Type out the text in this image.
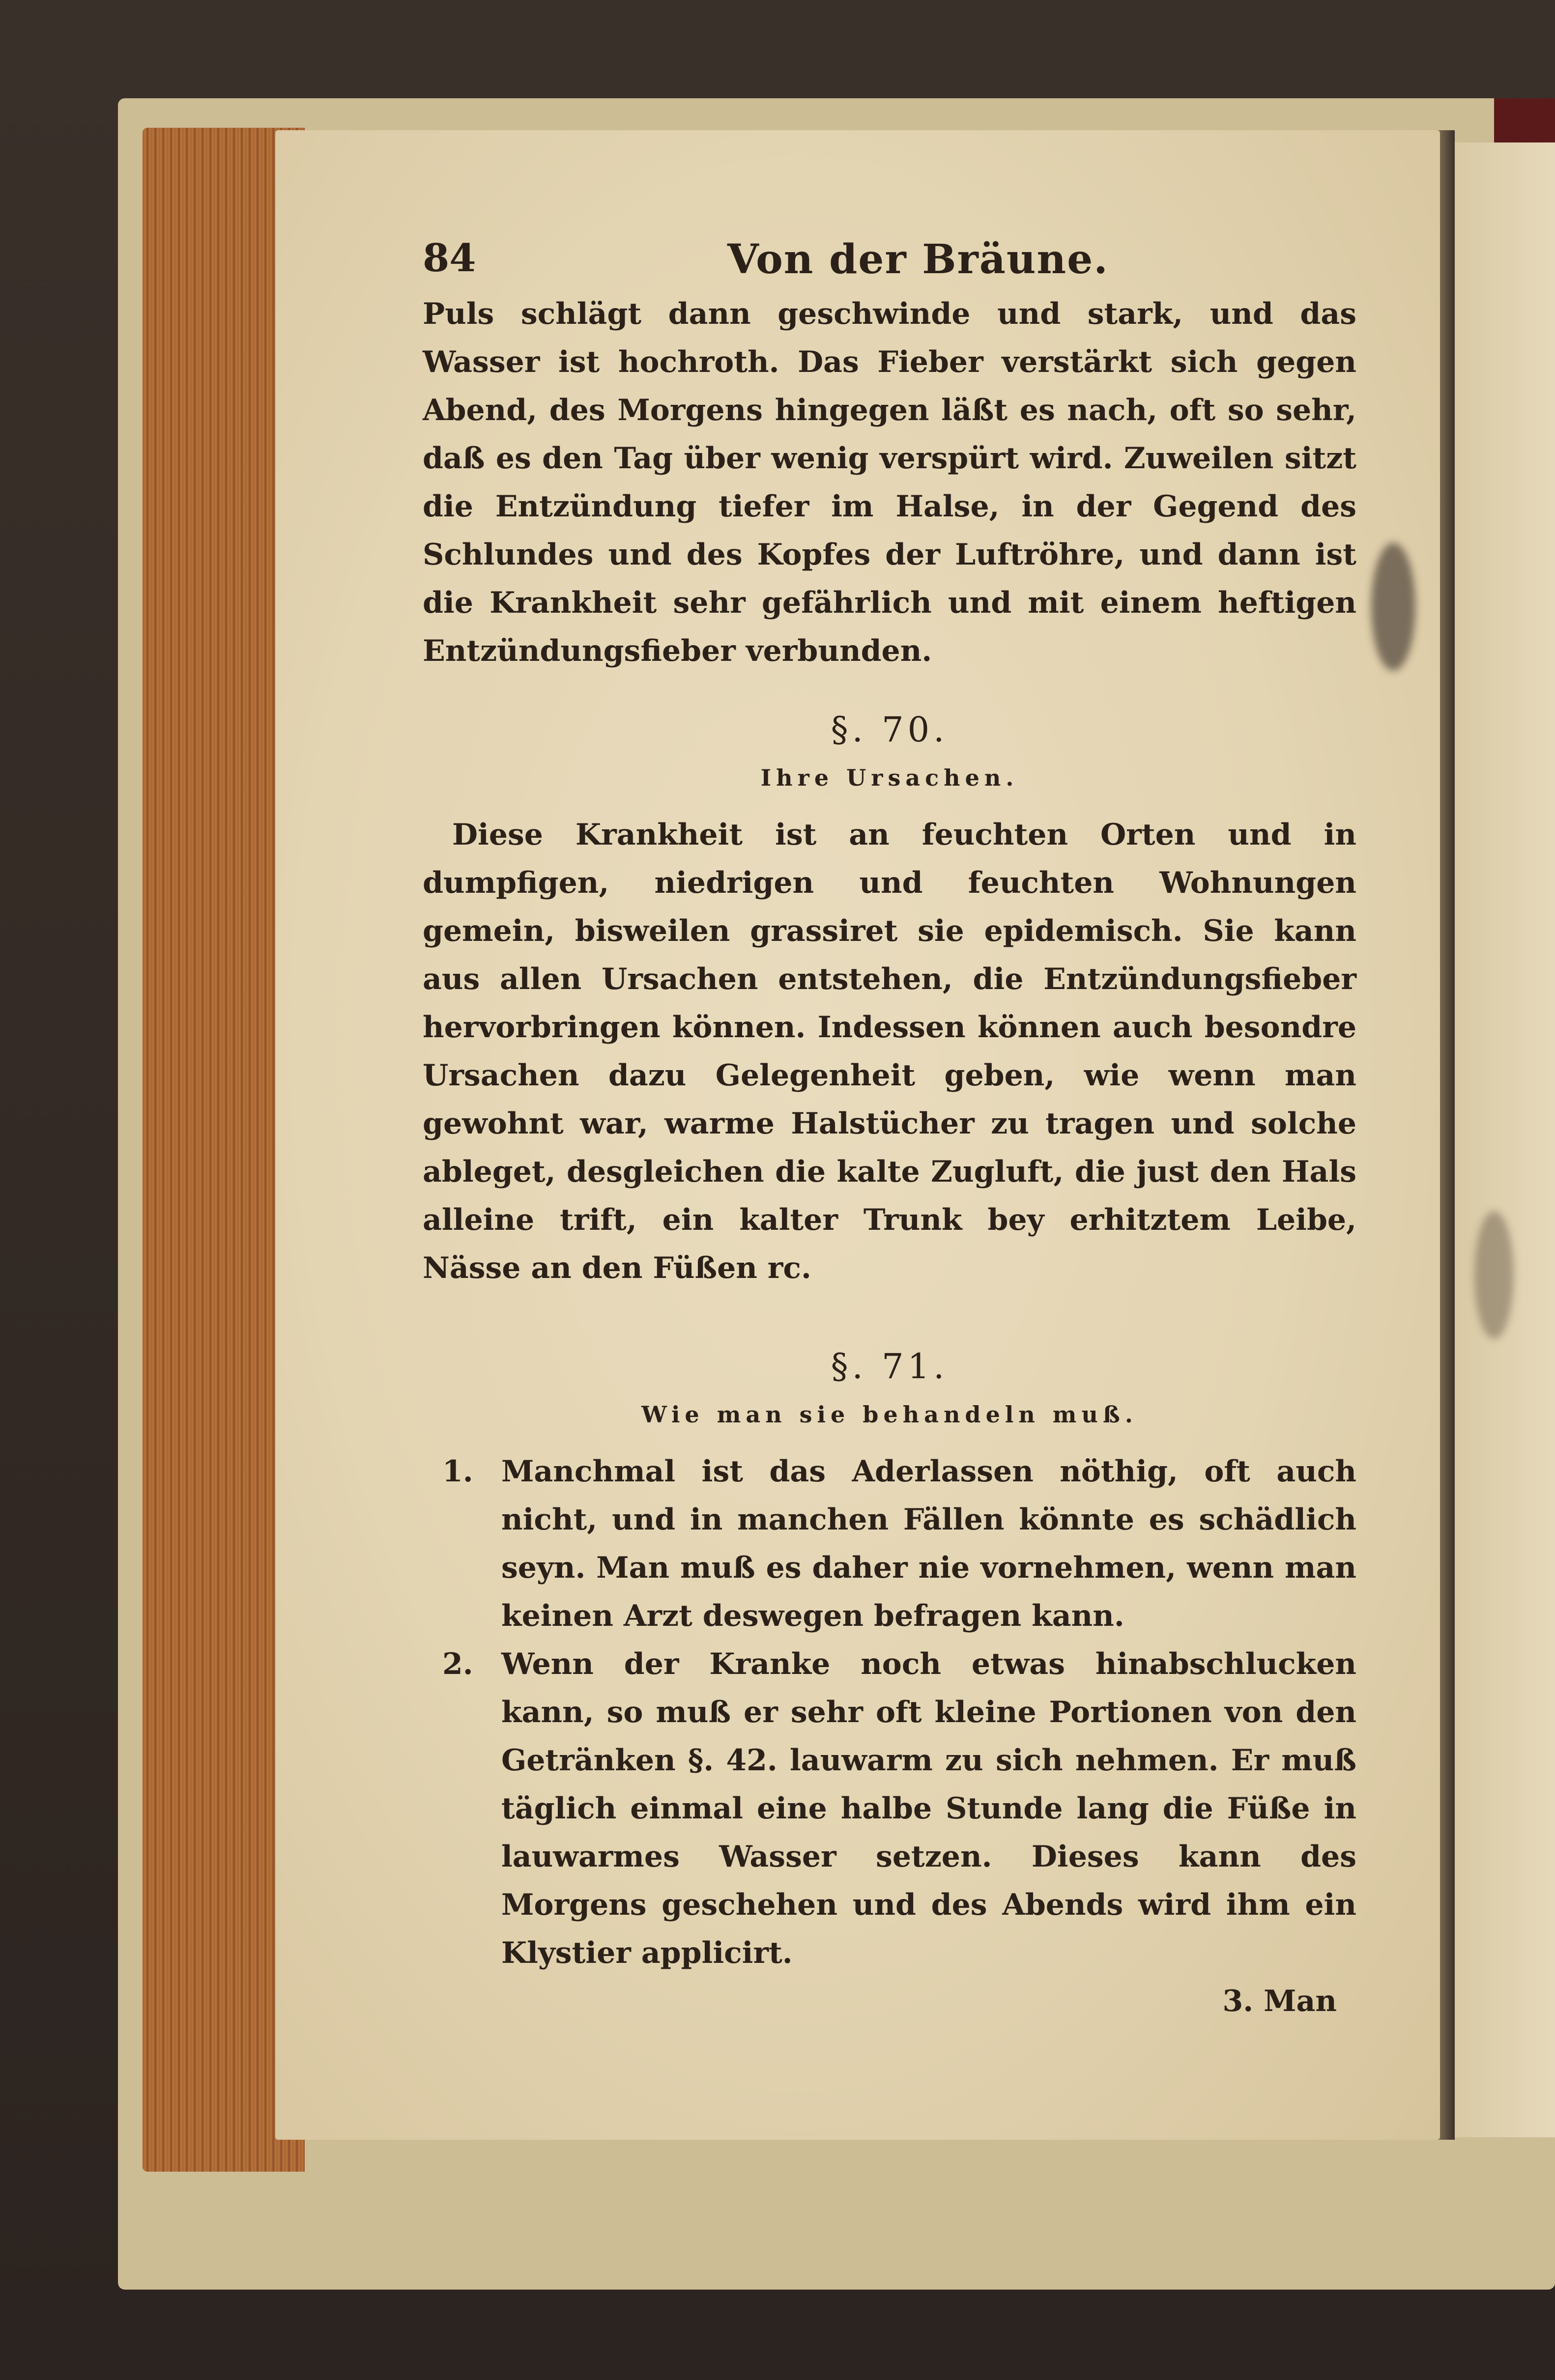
84	Von der Bräune.

Puls schlägt dann geschwinde und stark, und das Wasser ist hochroth. Das Fieber verstärkt sich gegen Abend, des Morgens hingegen läßt es nach, oft so sehr, daß es den Tag über wenig verspürt wird. Zuweilen sitzt die Entzündung tiefer im Halse, in der Gegend des Schlundes und des Kopfes der Luftröhre, und dann ist die Krankheit sehr gefährlich und mit einem heftigen Entzündungsfieber verbunden.

§. 70.
Ihre Ursachen.

Diese Krankheit ist an feuchten Orten und in dumpfigen, niedrigen und feuchten Wohnungen gemein, bisweilen grassiret sie epidemisch. Sie kann aus allen Ursachen entstehen, die Entzündungsfieber hervorbringen können. Indessen können auch besondre Ursachen dazu Gelegenheit geben, wie wenn man gewohnt war, warme Halstücher zu tragen und solche ableget, desgleichen die kalte Zugluft, die just den Hals alleine trift, ein kalter Trunk bey erhitztem Leibe, Nässe an den Füßen rc.

§. 71.
Wie man sie behandeln muß.
1. Manchmal ist das Aderlassen nöthig, oft auch nicht, und in manchen Fällen könnte es schädlich seyn. Man muß es daher nie vornehmen, wenn man keinen Arzt deswegen befragen kann.
2. Wenn der Kranke noch etwas hinabschlucken kann, so muß er sehr oft kleine Portionen von den Getränken §. 42. lauwarm zu sich nehmen. Er muß täglich einmal eine halbe Stunde lang die Füße in lauwarmes Wasser setzen. Dieses kann des Morgens geschehen und des Abends wird ihm ein Klystier applicirt.
3. Man
